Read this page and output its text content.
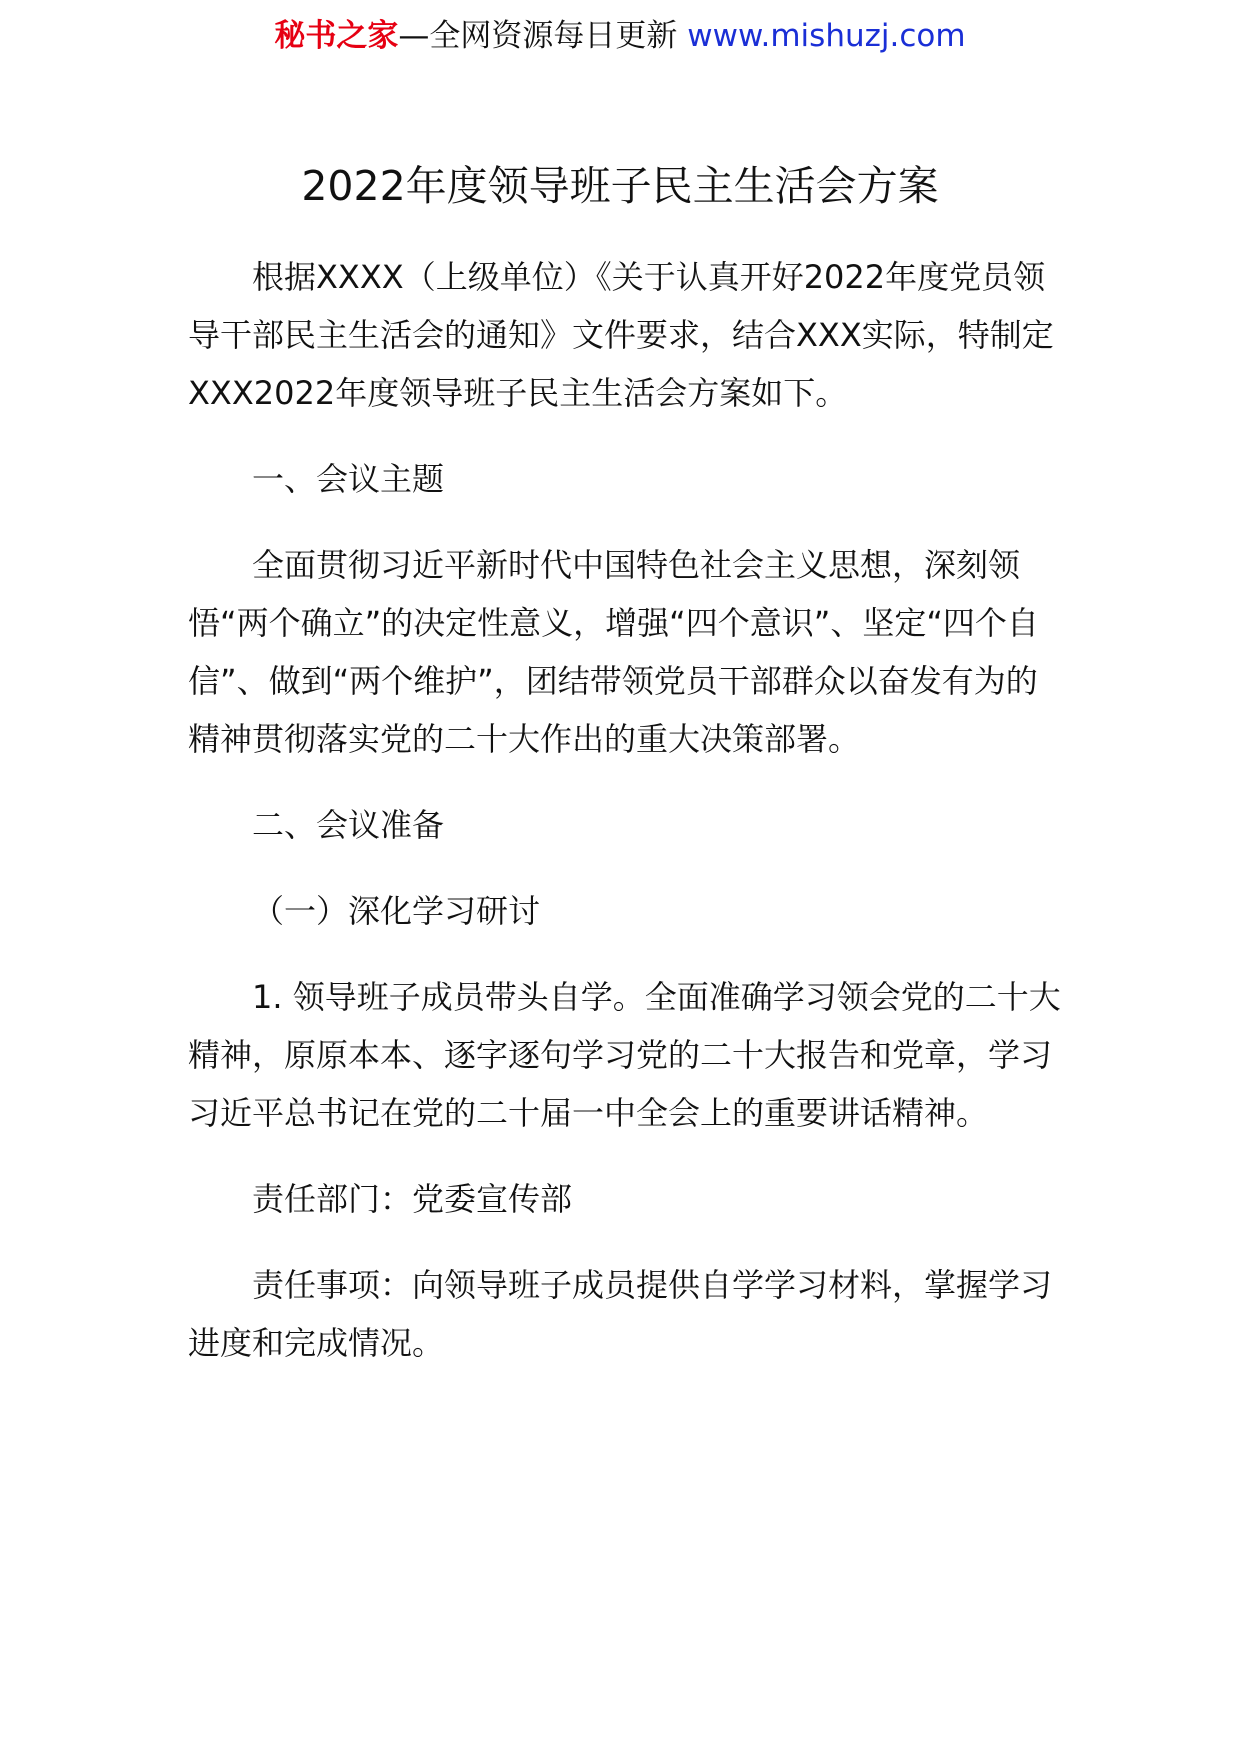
秘书之家—全网资源每日更新 www.mishuzj.com
2022年度领导班子民主生活会方案

根据XXXX（上级单位）《关于认真开好2022年度党员领导干部民主生活会的通知》文件要求，结合XXX实际，特制定XXX2022年度领导班子民主生活会方案如下。

一、会议主题

全面贯彻习近平新时代中国特色社会主义思想，深刻领悟“两个确立”的决定性意义，增强“四个意识”、坚定“四个自信”、做到“两个维护”，团结带领党员干部群众以奋发有为的精神贯彻落实党的二十大作出的重大决策部署。

二、会议准备

（一）深化学习研讨

1. 领导班子成员带头自学。全面准确学习领会党的二十大精神，原原本本、逐字逐句学习党的二十大报告和党章，学习习近平总书记在党的二十届一中全会上的重要讲话精神。

责任部门：党委宣传部

责任事项：向领导班子成员提供自学学习材料，掌握学习进度和完成情况。
